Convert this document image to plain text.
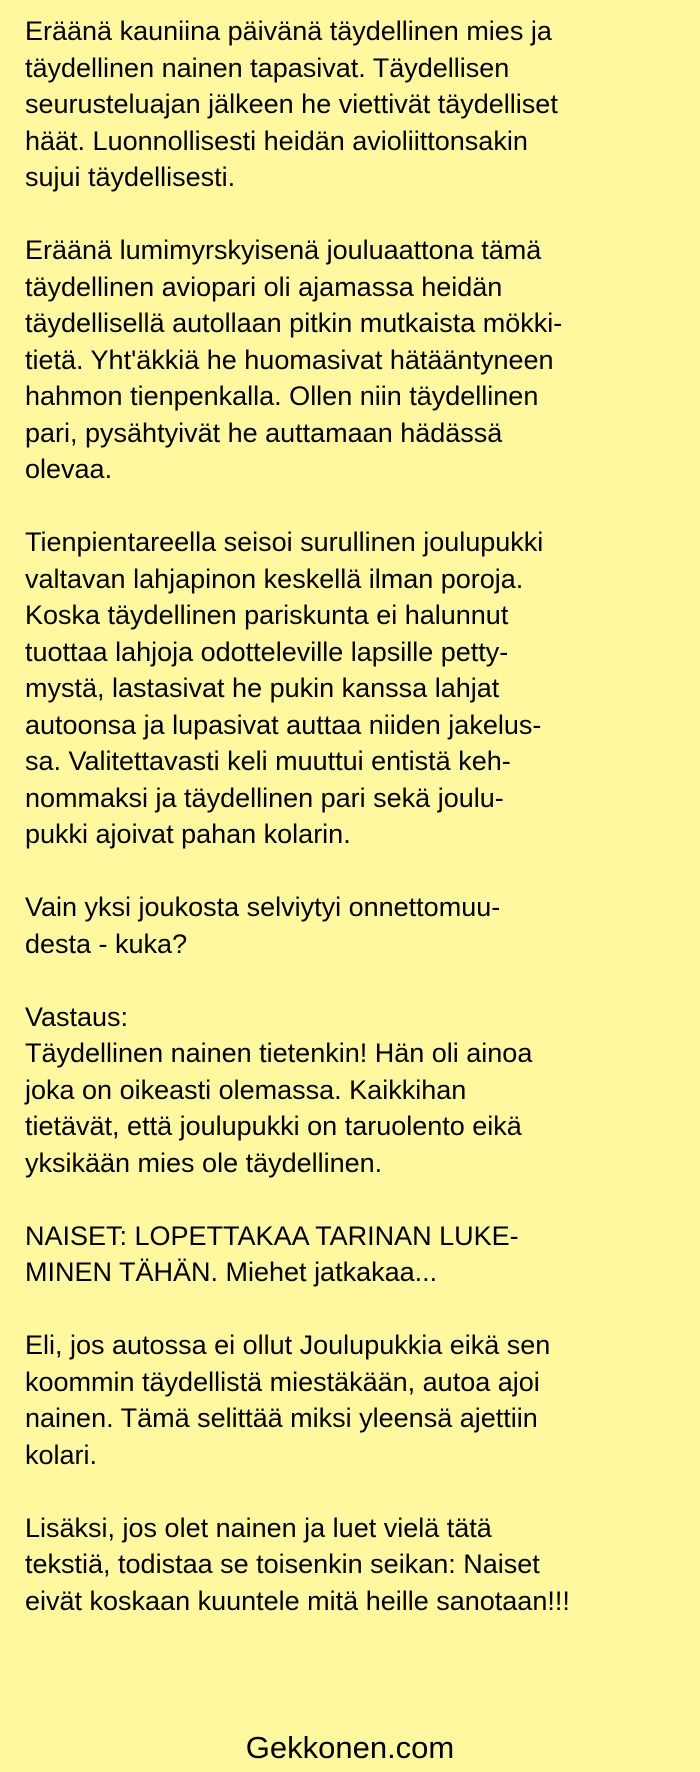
Eräänä kauniina päivänä täydellinen mies ja
täydellinen nainen tapasivat. Täydellisen
seurusteluajan jälkeen he viettivät täydelliset
häät. Luonnollisesti heidän avioliittonsakin
sujui täydellisesti.

Eräänä lumimyrskyisenä jouluaattona tämä
täydellinen aviopari oli ajamassa heidän
täydellisellä autollaan pitkin mutkaista mökki-
tietä. Yht'äkkiä he huomasivat hätääntyneen
hahmon tienpenkalla. Ollen niin täydellinen
pari, pysähtyivät he auttamaan hädässä
olevaa.

Tienpientareella seisoi surullinen joulupukki
valtavan lahjapinon keskellä ilman poroja.
Koska täydellinen pariskunta ei halunnut
tuottaa lahjoja odotteleville lapsille petty-
mystä, lastasivat he pukin kanssa lahjat
autoonsa ja lupasivat auttaa niiden jakelus-
sa. Valitettavasti keli muuttui entistä keh-
nommaksi ja täydellinen pari sekä joulu-
pukki ajoivat pahan kolarin.

Vain yksi joukosta selviytyi onnettomuu-
desta - kuka?

Vastaus:
Täydellinen nainen tietenkin! Hän oli ainoa
joka on oikeasti olemassa. Kaikkihan
tietävät, että joulupukki on taruolento eikä
yksikään mies ole täydellinen.

NAISET: LOPETTAKAA TARINAN LUKE-
MINEN TÄHÄN. Miehet jatkakaa...

Eli, jos autossa ei ollut Joulupukkia eikä sen
koommin täydellistä miestäkään, autoa ajoi
nainen. Tämä selittää miksi yleensä ajettiin
kolari.

Lisäksi, jos olet nainen ja luet vielä tätä
tekstiä, todistaa se toisenkin seikan: Naiset
eivät koskaan kuuntele mitä heille sanotaan!!!

Gekkonen.com
